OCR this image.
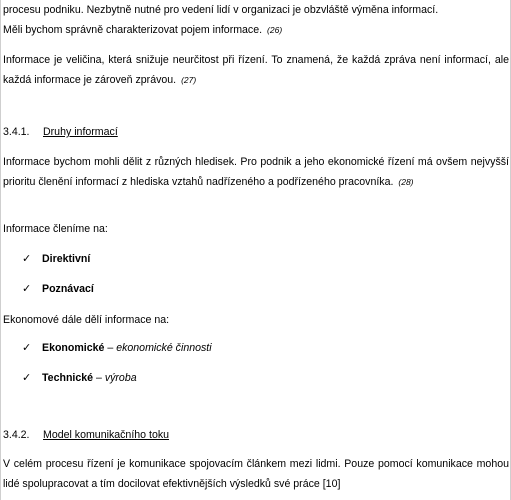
procesu podniku. Nezbytně nutné pro vedení lidí v organizaci je obzvláště výměna informací.
Měli bychom správně charakterizovat pojem informace. (26)

Informace je veličina, která snižuje neurčitost při řízení. To znamená, že každá zpráva není informací, ale každá informace je zároveň zprávou. (27)

3.4.1. Druhy informací

Informace bychom mohli dělit z různých hledisek. Pro podnik a jeho ekonomické řízení má ovšem nejvyšší prioritu členění informací z hlediska vztahů nadřízeného a podřízeného pracovníka. (28)

Informace členíme na:

✓	Direktivní
✓	Poznávací

Ekonomové dále dělí informace na:

✓	Ekonomické – ekonomické činnosti
✓	Technické – výroba
3.4.2. Model komunikačního toku

V celém procesu řízení je komunikace spojovacím článkem mezi lidmi. Pouze pomocí komunikace mohou lidé spolupracovat a tím docilovat efektivnějších výsledků své práce [10]
